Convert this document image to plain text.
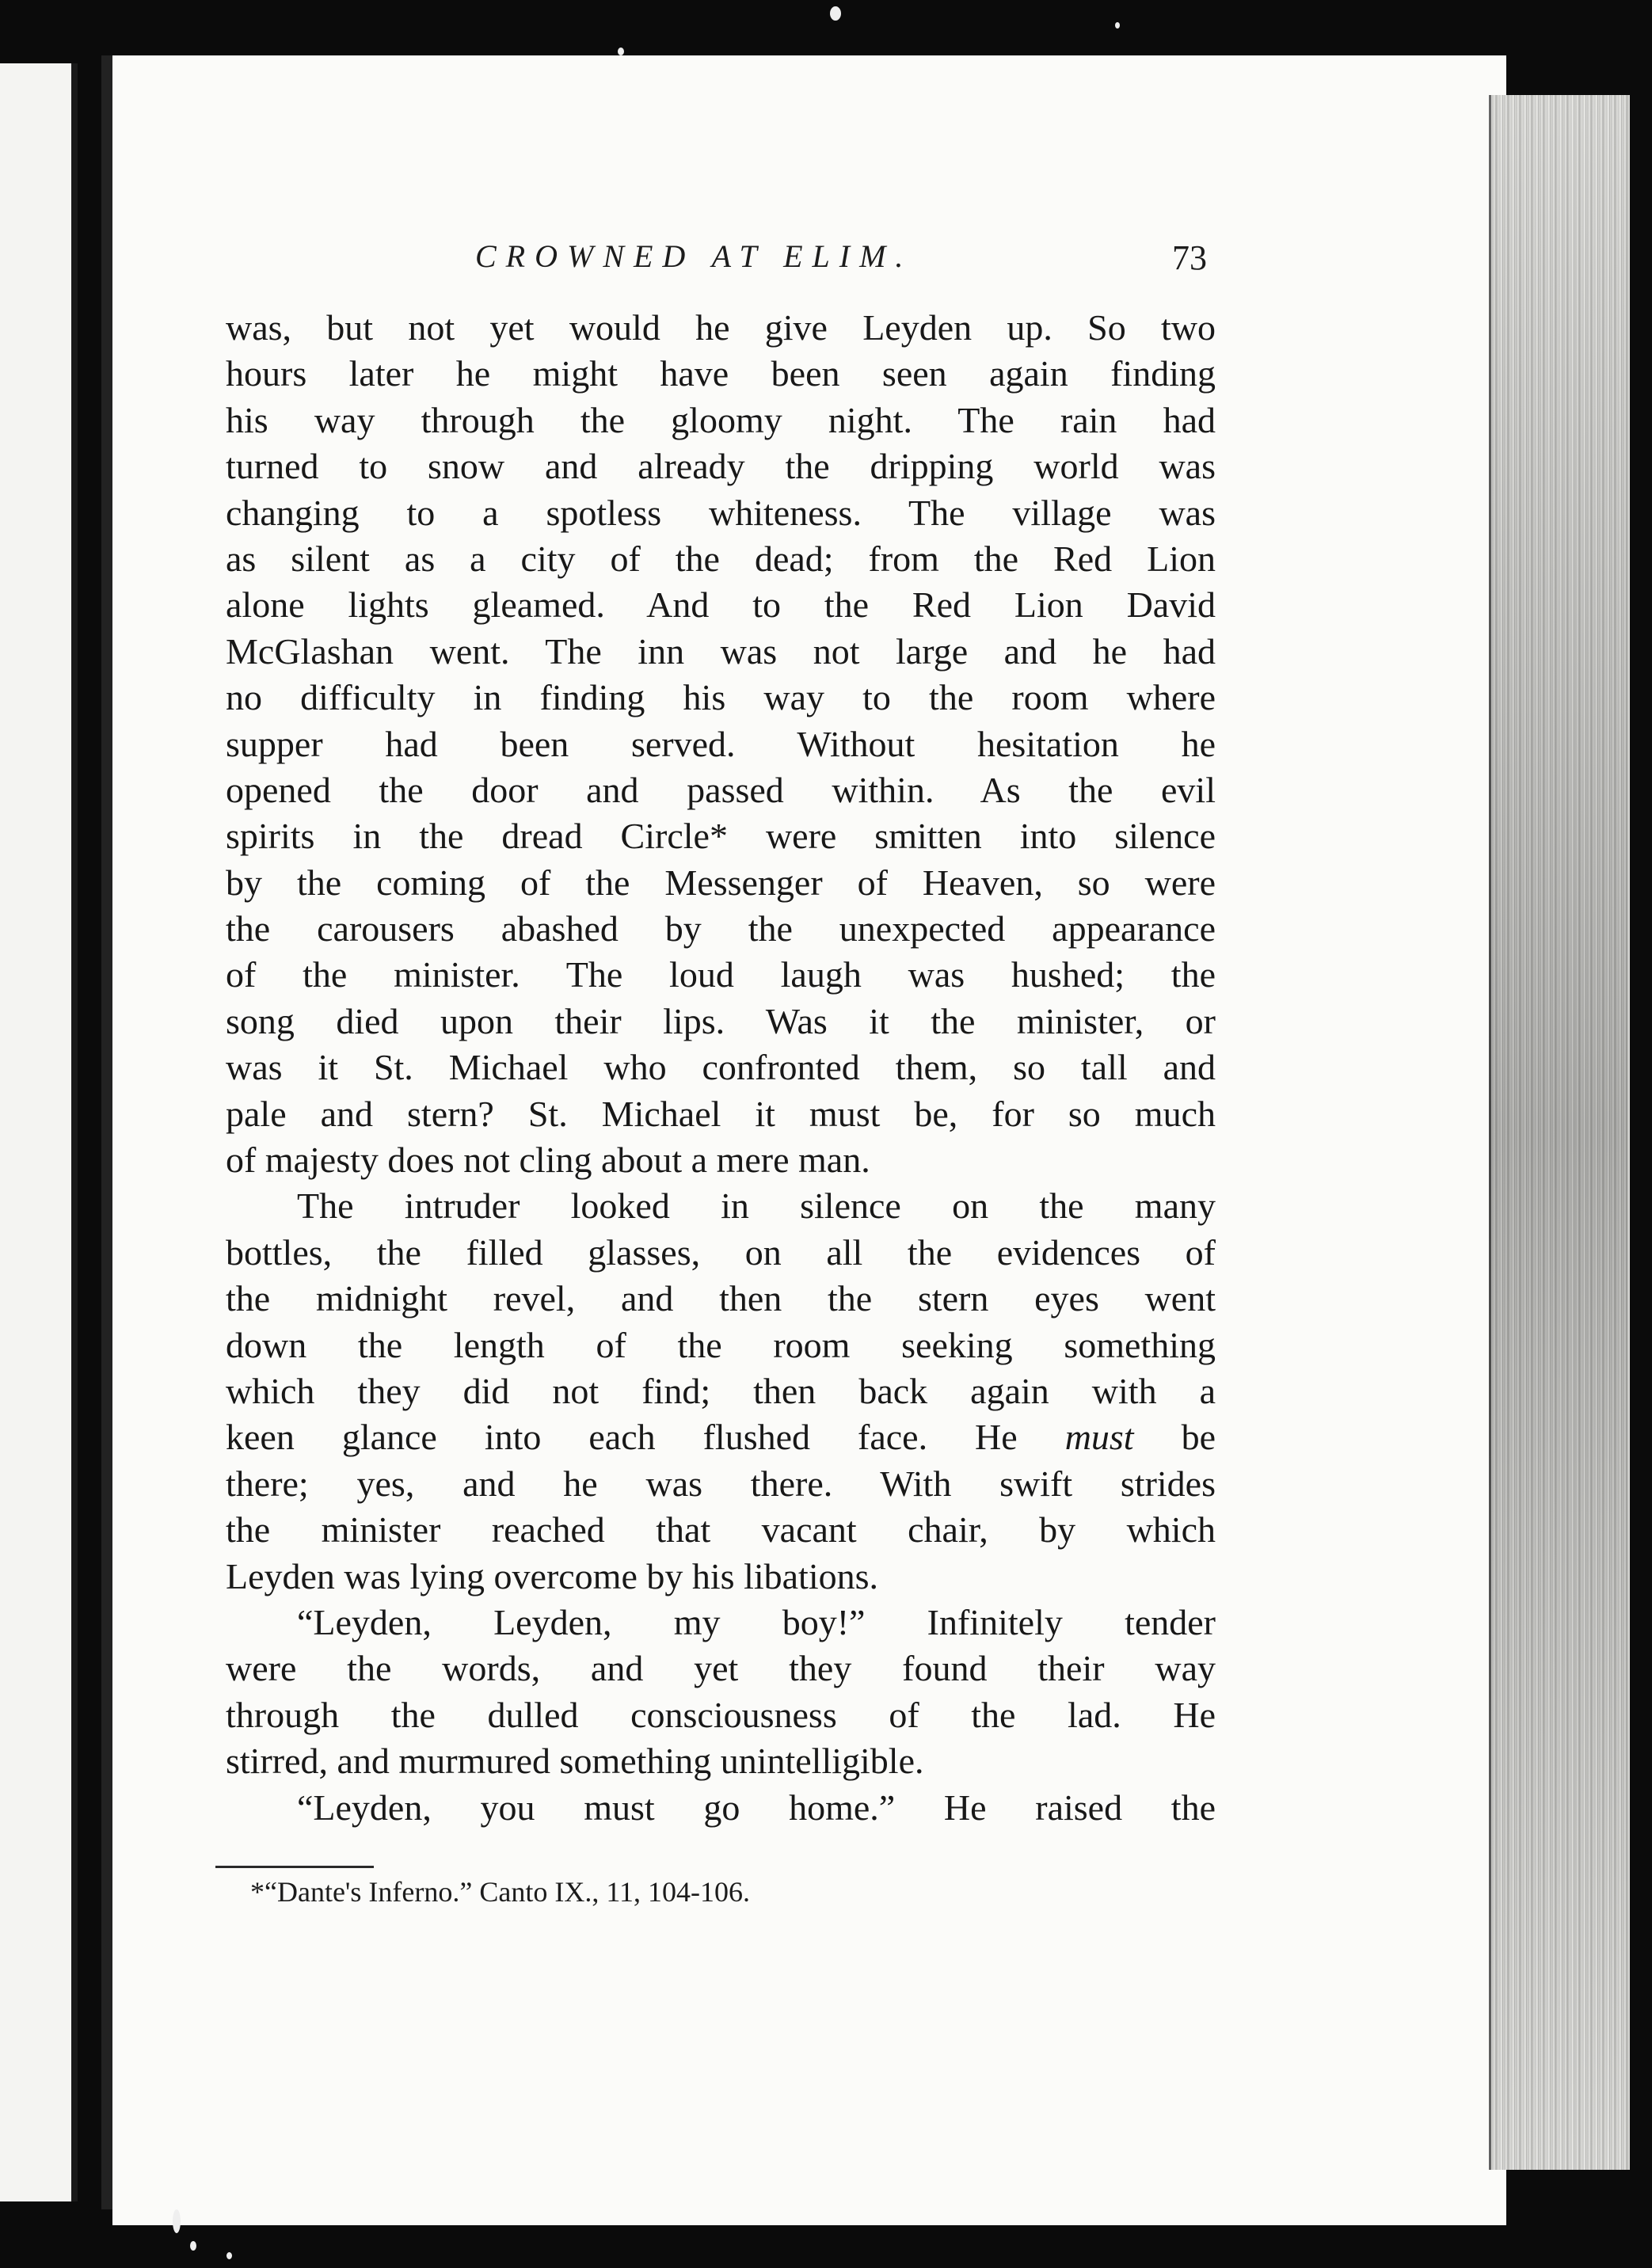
CROWNED AT ELIM.	73
was, but not yet would he give Leyden up. So two
hours later he might have been seen again finding
his way through the gloomy night. The rain had
turned to snow and already the dripping world was
changing to a spotless whiteness. The village was
as silent as a city of the dead; from the Red Lion
alone lights gleamed. And to the Red Lion David
McGlashan went. The inn was not large and he had
no difficulty in finding his way to the room where
supper had been served. Without hesitation he
opened the door and passed within. As the evil
spirits in the dread Circle* were smitten into silence
by the coming of the Messenger of Heaven, so were
the carousers abashed by the unexpected appearance
of the minister. The loud laugh was hushed; the
song died upon their lips. Was it the minister, or
was it St. Michael who confronted them, so tall and
pale and stern? St. Michael it must be, for so much
of majesty does not cling about a mere man.
The intruder looked in silence on the many
bottles, the filled glasses, on all the evidences of
the midnight revel, and then the stern eyes went
down the length of the room seeking something
which they did not find; then back again with a
keen glance into each flushed face. He must be
there; yes, and he was there. With swift strides
the minister reached that vacant chair, by which
Leyden was lying overcome by his libations.
“Leyden, Leyden, my boy!” Infinitely tender
were the words, and yet they found their way
through the dulled consciousness of the lad. He
stirred, and murmured something unintelligible.
“Leyden, you must go home.” He raised the
*“Dante's Inferno.” Canto IX., 11, 104-106.
